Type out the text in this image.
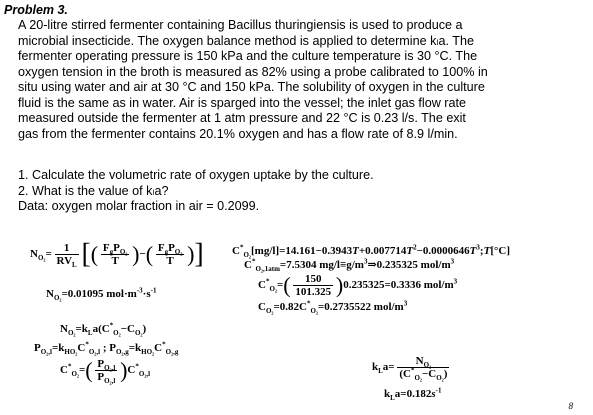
Problem 3.
A 20-litre stirred fermenter containing Bacillus thuringiensis is used to produce a
microbial insecticide. The oxygen balance method is applied to determine kₗa. The
fermenter operating pressure is 150 kPa and the culture temperature is 30 °C. The
oxygen tension in the broth is measured as 82% using a probe calibrated to 100% in
situ using water and air at 30 °C and 150 kPa. The solubility of oxygen in the culture
fluid is the same as in water. Air is sparged into the vessel; the inlet gas flow rate
measured outside the fermenter at 1 atm pressure and 22 °C is 0.23 l/s. The exit
gas from the fermenter contains 20.1% oxygen and has a flow rate of 8.9 l/min.
1. Calculate the volumetric rate of oxygen uptake by the culture.
2. What is the value of kₗa?
Data: oxygen molar fraction in air = 0.2099.
$N_{O_2}= \frac{1}{RV_L}$ [( $\frac{F_gP_{O_2}}{T}$ )−( $\frac{F_gP_{O_2}}{T}$ )]
$N_{O_2}=0.01095$ $mol\cdot m^{-3}\cdot s^{-1}$
$N_{O_2}=k_La(C^*_{O_2}-C_{O_2})$
$P_{O_2,l}=k_{HO_2}C^*_{O_2,l}$ ; $P_{O_2,g}=k_{HO_2}C^*_{O_2,g}$
$C^*_{O_2}=( \frac{P_{O_2,l}}{P_{O_2,l}} )C^*_{O_2,l}$
$C^*_{O_2}[mg/l]=14.161-0.3943T+0.007714T^2-0.0000646T^3;T[^\circ C]$
$C^*_{O_2,1atm}=7.5304$ $mg/l\equiv g/m^3\Rightarrow 0.235325$ mol/$m^3$
$C^*_{O_2}=( \frac{150}{101.325} )0.235325=0.3336$ mol/$m^3$
$C_{O_2}=0.82C^*_{O_2}=0.2735522$ mol/$m^3$
$k_La= \frac{N_{O_2}}{(C^*_{O_2}-C_{O_2})}$
$k_La=0.182s^{-1}$
8
